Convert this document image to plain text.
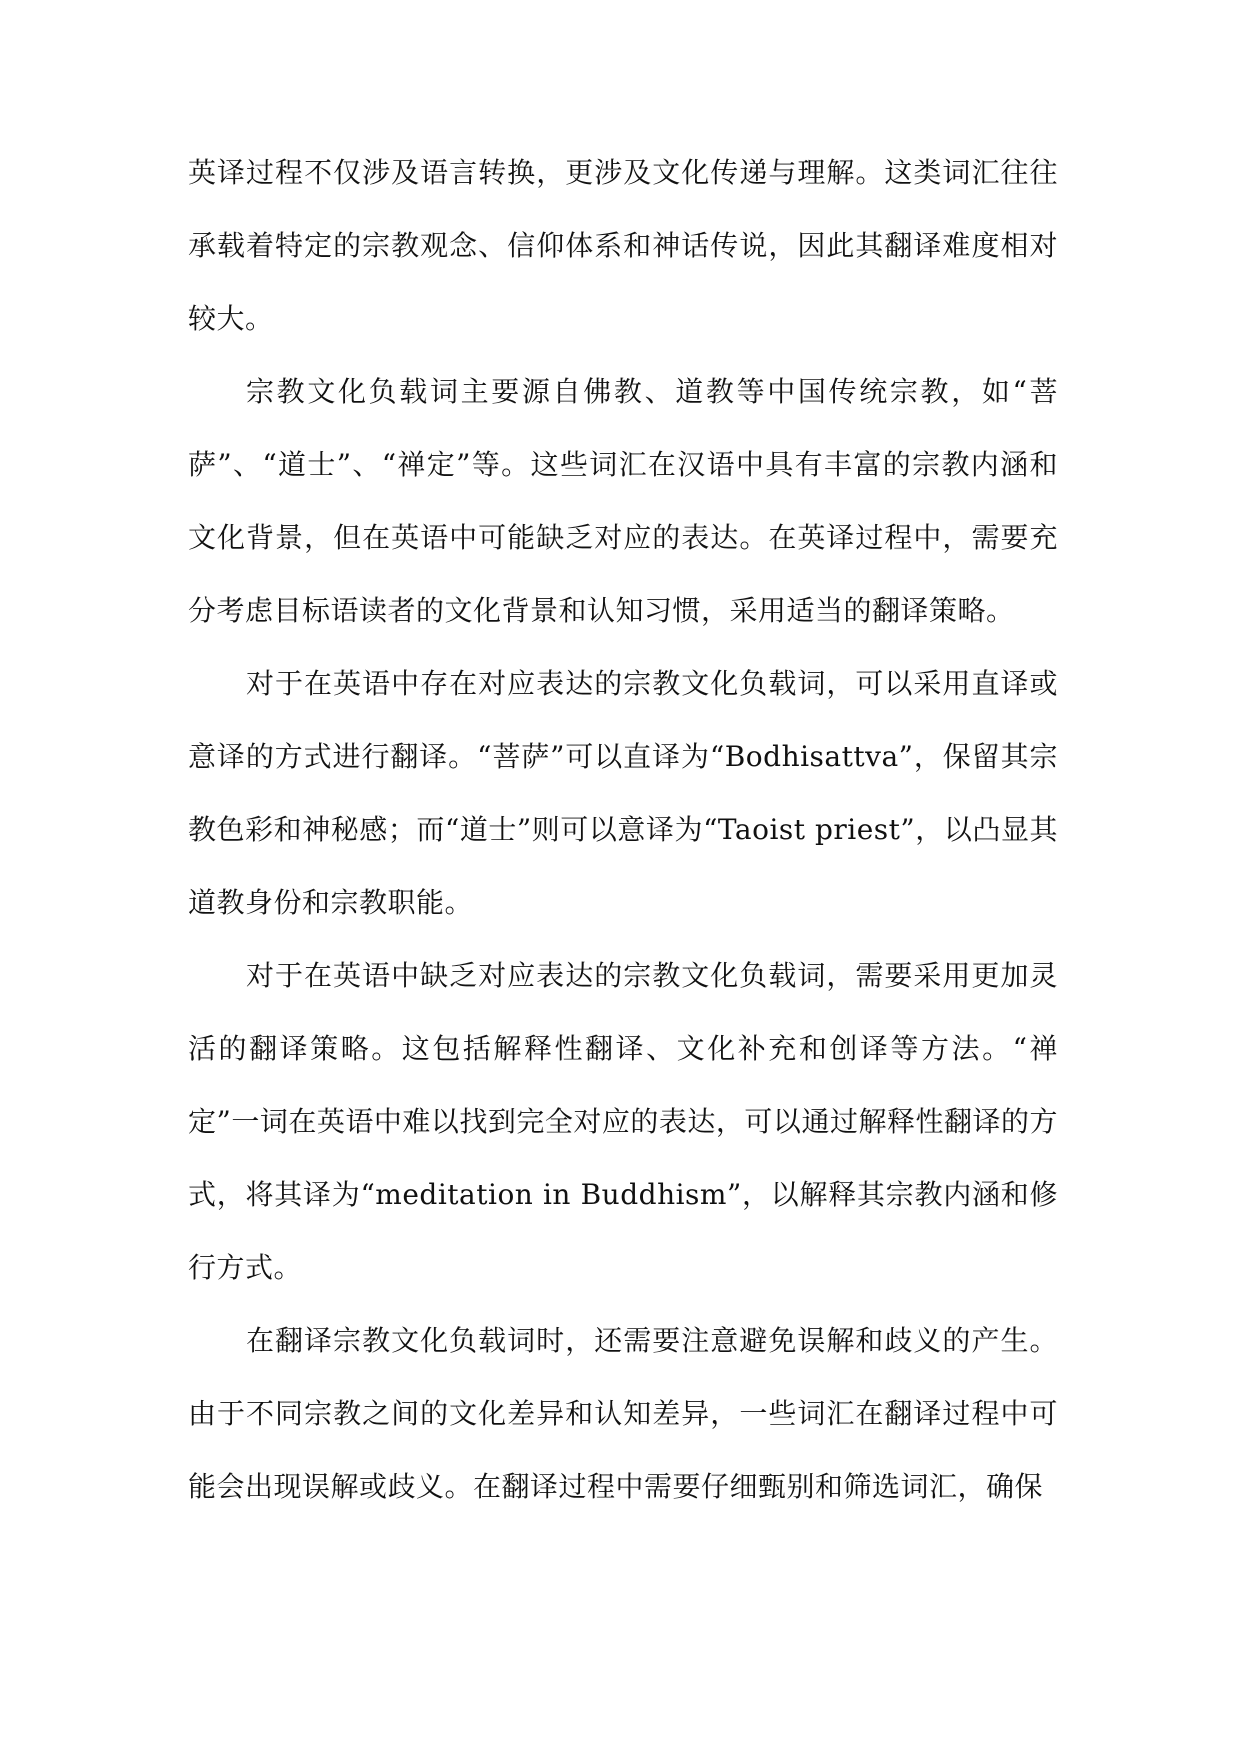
英译过程不仅涉及语言转换，更涉及文化传递与理解。这类词汇往往承载着特定的宗教观念、信仰体系和神话传说，因此其翻译难度相对较大。

宗教文化负载词主要源自佛教、道教等中国传统宗教，如“菩萨”、“道士”、“禅定”等。这些词汇在汉语中具有丰富的宗教内涵和文化背景，但在英语中可能缺乏对应的表达。在英译过程中，需要充分考虑目标语读者的文化背景和认知习惯，采用适当的翻译策略。

对于在英语中存在对应表达的宗教文化负载词，可以采用直译或意译的方式进行翻译。“菩萨”可以直译为“Bodhisattva”，保留其宗教色彩和神秘感；而“道士”则可以意译为“Taoist priest”，以凸显其道教身份和宗教职能。

对于在英语中缺乏对应表达的宗教文化负载词，需要采用更加灵活的翻译策略。这包括解释性翻译、文化补充和创译等方法。“禅定”一词在英语中难以找到完全对应的表达，可以通过解释性翻译的方式，将其译为“meditation in Buddhism”，以解释其宗教内涵和修行方式。

在翻译宗教文化负载词时，还需要注意避免误解和歧义的产生。由于不同宗教之间的文化差异和认知差异，一些词汇在翻译过程中可能会出现误解或歧义。在翻译过程中需要仔细甄别和筛选词汇，确保
